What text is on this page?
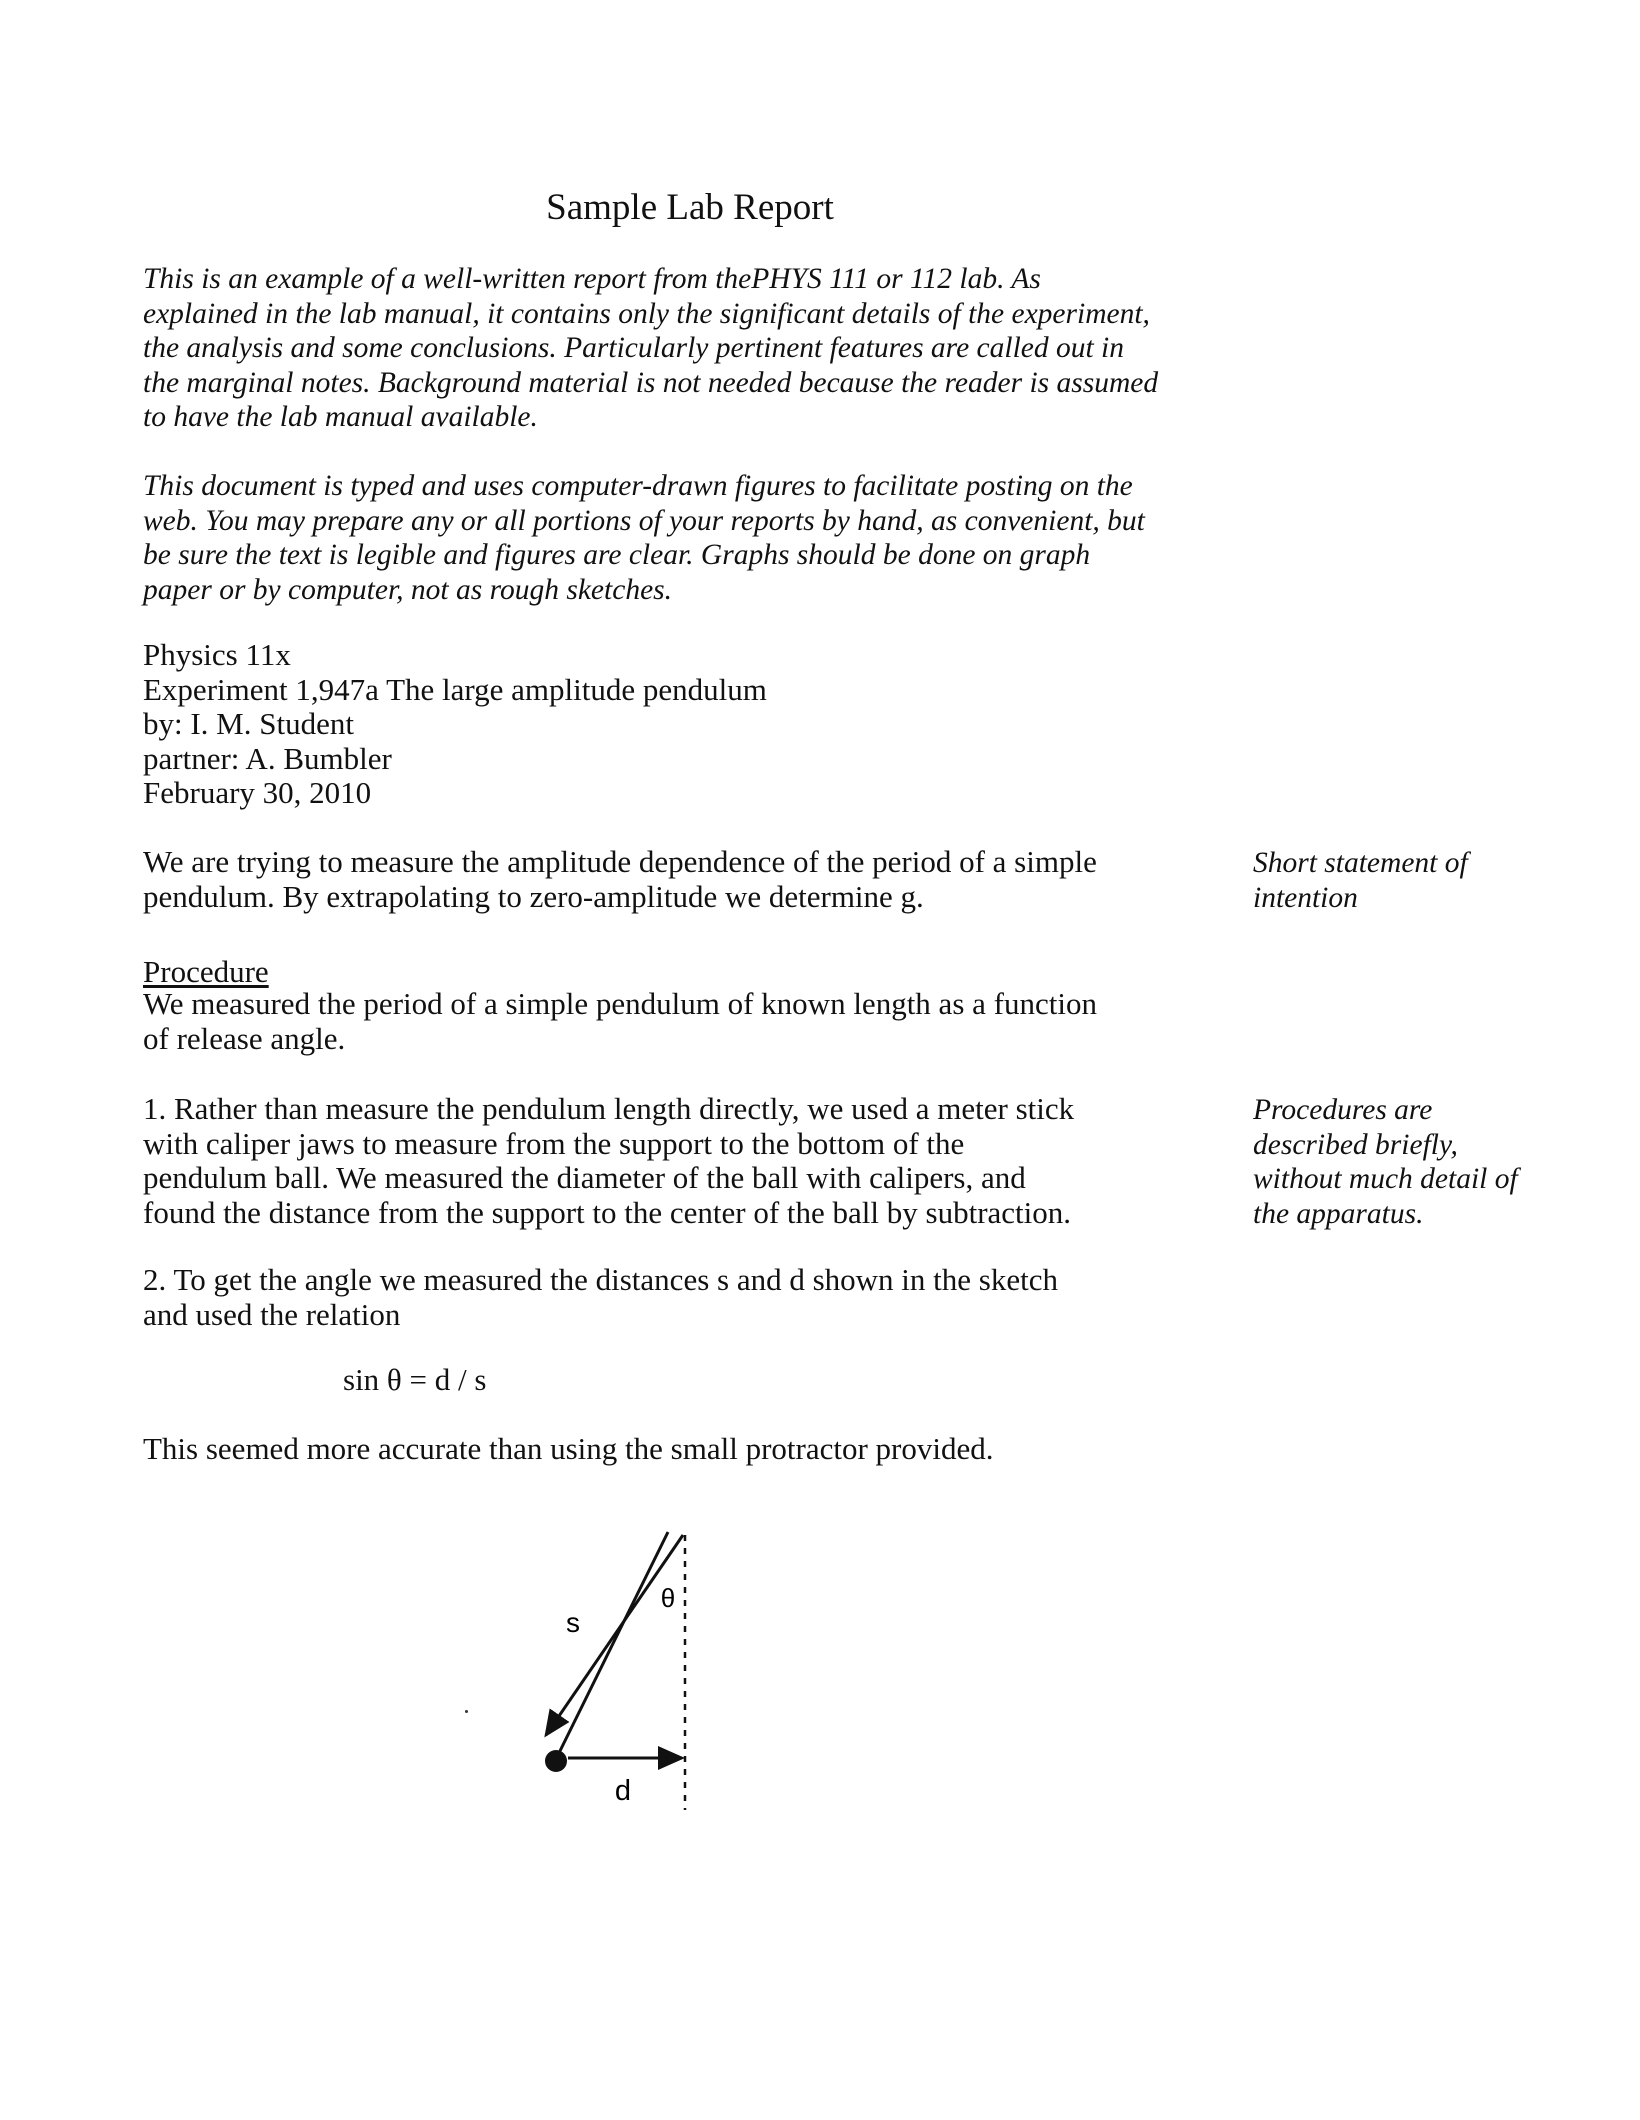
Sample Lab Report
This is an example of a well-written report from thePHYS 111 or 112 lab. As
explained in the lab manual, it contains only the significant details of the experiment,
the analysis and some conclusions. Particularly pertinent features are called out in
the marginal notes. Background material is not needed because the reader is assumed
to have the lab manual available.
This document is typed and uses computer-drawn figures to facilitate posting on the
web. You may prepare any or all portions of your reports by hand, as convenient, but
be sure the text is legible and figures are clear. Graphs should be done on graph
paper or by computer, not as rough sketches.
Physics 11x
Experiment 1,947a The large amplitude pendulum
by: I. M. Student
partner: A. Bumbler
February 30, 2010
We are trying to measure the amplitude dependence of the period of a simple
pendulum. By extrapolating to zero-amplitude we determine g.
Short statement of
intention
Procedure
We measured the period of a simple pendulum of known length as a function
of release angle.
1. Rather than measure the pendulum length directly, we used a meter stick
with caliper jaws to measure from the support to the bottom of the
pendulum ball. We measured the diameter of the ball with calipers, and
found the distance from the support to the center of the ball by subtraction.
Procedures are
described briefly,
without much detail of
the apparatus.
2. To get the angle we measured the distances s and d shown in the sketch
and used the relation
sin θ = d / s
This seemed more accurate than using the small protractor provided.
s
θ
d
